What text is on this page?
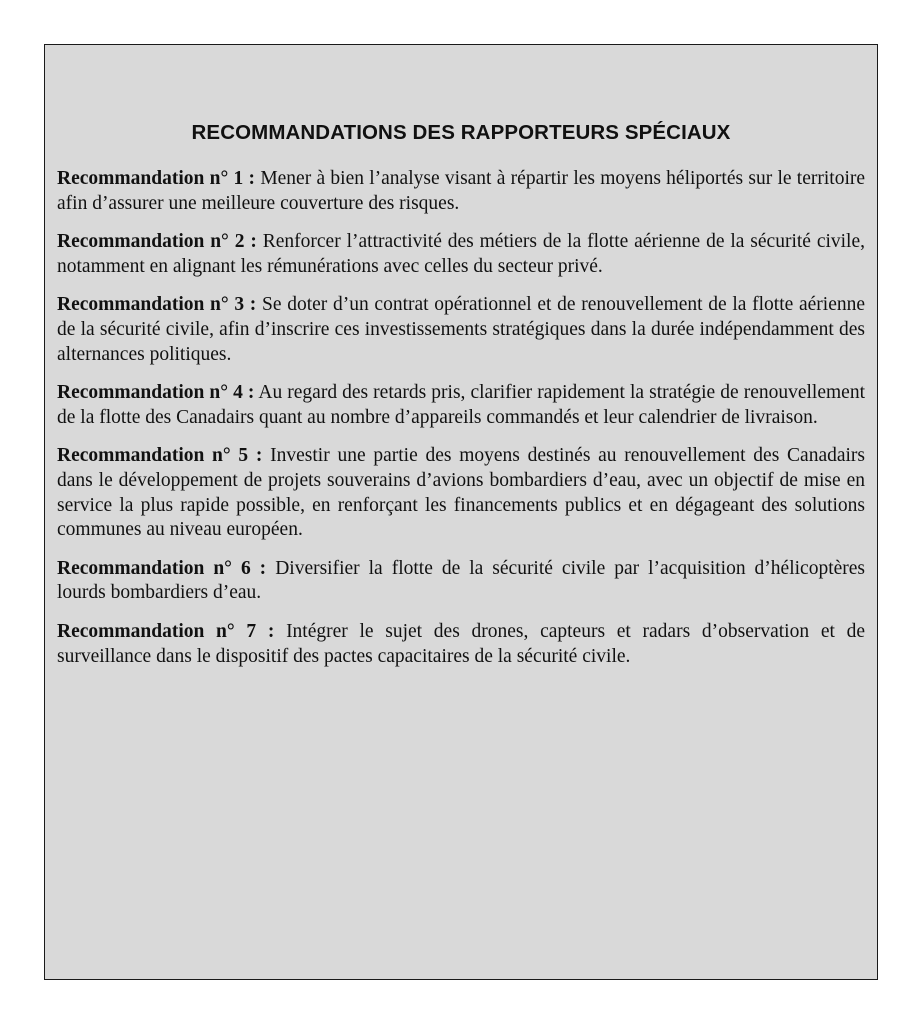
RECOMMANDATIONS DES RAPPORTEURS SPÉCIAUX

Recommandation n° 1 : Mener à bien l’analyse visant à répartir les moyens héliportés sur le territoire afin d’assurer une meilleure couverture des risques.

Recommandation n° 2 : Renforcer l’attractivité des métiers de la flotte aérienne de la sécurité civile, notamment en alignant les rémunérations avec celles du secteur privé.

Recommandation n° 3 : Se doter d’un contrat opérationnel et de renouvellement de la flotte aérienne de la sécurité civile, afin d’inscrire ces investissements stratégiques dans la durée indépendamment des alternances politiques.

Recommandation n° 4 : Au regard des retards pris, clarifier rapidement la stratégie de renouvellement de la flotte des Canadairs quant au nombre d’appareils commandés et leur calendrier de livraison.

Recommandation n° 5 : Investir une partie des moyens destinés au renouvellement des Canadairs dans le développement de projets souverains d’avions bombardiers d’eau, avec un objectif de mise en service la plus rapide possible, en renforçant les financements publics et en dégageant des solutions communes au niveau européen.

Recommandation n° 6 : Diversifier la flotte de la sécurité civile par l’acquisition d’hélicoptères lourds bombardiers d’eau.

Recommandation n° 7 : Intégrer le sujet des drones, capteurs et radars d’observation et de surveillance dans le dispositif des pactes capacitaires de la sécurité civile.
